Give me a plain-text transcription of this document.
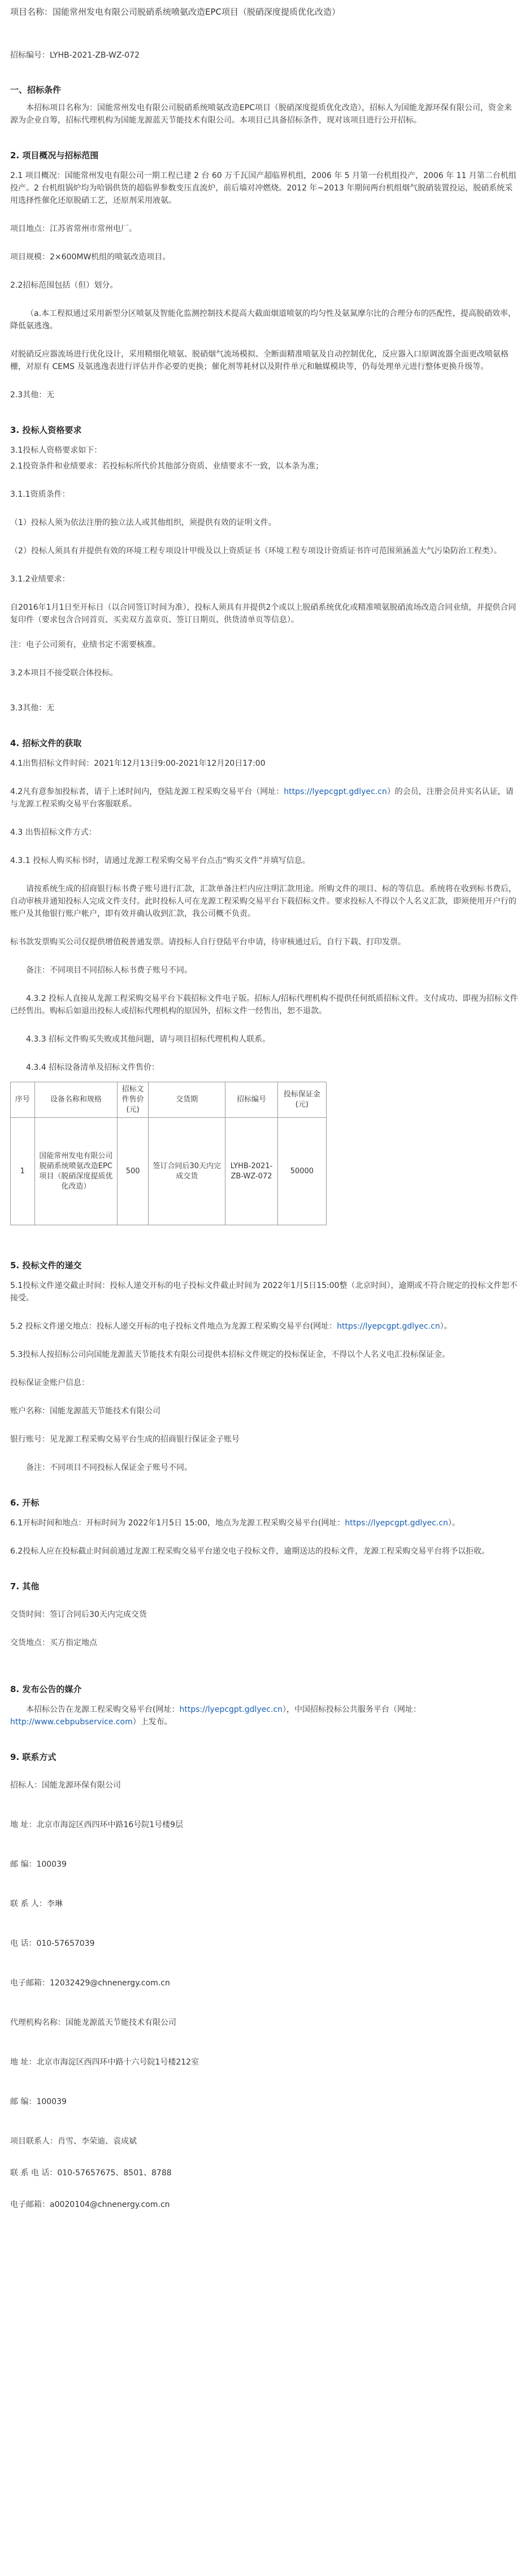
项目名称：国能常州发电有限公司脱硝系统喷氨改造EPC项目（脱硝深度提质优化改造）
招标编号：LYHB-2021-ZB-WZ-072
一、招标条件

本招标项目名称为：国能常州发电有限公司脱硝系统喷氨改造EPC项目（脱硝深度提质优化改造），招标人为国能龙源环保有限公司，资金来源为企业自筹，招标代理机构为国能龙源蓝天节能技术有限公司。本项目已具备招标条件，现对该项目进行公开招标。

2. 项目概况与招标范围

2.1 项目概况：国能常州发电有限公司一期工程已建 2 台 60 万千瓦国产超临界机组，2006 年 5 月第一台机组投产，2006 年 11 月第二台机组投产。2 台机组锅炉均为哈锅供货的超临界参数变压直流炉，前后墙对冲燃烧。2012 年~2013 年期间两台机组烟气脱硝装置投运，脱硝系统采用选择性催化还原脱硝工艺，还原剂采用液氨。

项目地点：江苏省常州市常州电厂。

项目规模：2×600MW机组的喷氨改造项目。

2.2招标范围包括（但）划分。

（a.本工程拟通过采用新型分区喷氨及智能化监测控制技术提高大截面烟道喷氨的均匀性及氨氮摩尔比的合理分布的匹配性，提高脱硝效率，降低氨逃逸。

对脱硝反应器流场进行优化设计，采用精细化喷氨、脱硝烟气流场模拟、全断面精准喷氨及自动控制优化，反应器入口原调流器全面更改喷氨格栅，对原有 CEMS 及氨逃逸表进行评估并作必要的更换；催化剂等耗材以及附件单元和触媒模块等，仍每处理单元进行整体更换升级等。

2.3其他：无

3. 投标人资格要求

3.1投标人资格要求如下：

2.1投资条件和业绩要求：若投标标所代价其他部分资质、业绩要求不一致，以本条为准；

3.1.1资质条件：

（1）投标人须为依法注册的独立法人或其他组织，须提供有效的证明文件。

（2）投标人须具有并提供有效的环境工程专项设计甲级及以上资质证书（环境工程专项设计资质证书许可范围须涵盖大气污染防治工程类）。

3.1.2业绩要求：

自2016年1月1日至开标日（以合同签订时间为准），投标人须具有并提供2个或以上脱硝系统优化或精准喷氨脱硝流场改造合同业绩，并提供合同复印件（要求包含合同首页、买卖双方盖章页、签订日期页、供货清单页等信息）。

注：电子公司须有，业绩书定不需要核准。

3.2本项目不接受联合体投标。

3.3其他：无

4. 招标文件的获取

4.1出售招标文件时间：2021年12月13日9:00-2021年12月20日17:00

4.2凡有意参加投标者，请于上述时间内，登陆龙源工程采购交易平台（网址：https://lyepcgpt.gdlyec.cn）的会员，注册会员并实名认证，请与龙源工程采购交易平台客服联系。

4.3 出售招标文件方式：

4.3.1 投标人购买标书时，请通过龙源工程采购交易平台点击“购买文件”并填写信息。

请按系统生成的招商银行标书费子账号进行汇款，汇款单备注栏内应注明汇款用途。所购文件的项目、标的等信息。系统将在收到标书费后，自动审核并通知投标人完成文件支付。此时投标人可在龙源工程采购交易平台下载招标文件。要求投标人不得以个人名义汇款，即须使用开户行的账户及其他银行账户帐户，即有效并确认收到汇款，我公司概不负责。

标书款发票购买公司仅提供增值税普通发票。请投标人自行登陆平台申请，待审核通过后，自行下载、打印发票。

备注：不同项目不同招标人标书费子账号不同。

4.3.2 投标人直接从龙源工程采购交易平台下载招标文件电子版。招标人/招标代理机构不提供任何纸质招标文件。支付成功、即视为招标文件已经售出。购标后如退出投标人或招标代理机构的原因外，招标文件一经售出，恕不退款。

4.3.3 招标文件购买失败或其他问题，请与项目招标代理机构人联系。

4.3.4 招标设备清单及招标文件售价：

序号	设备名称和规格	招标文件售价(元)	交货期	招标编号	投标保证金(元)
1	国能常州发电有限公司脱硝系统喷氨改造EPC项目（脱硝深度提质优化改造）	500	签订合同后30天内完成交货	LYHB-2021-ZB-WZ-072	50000
5. 投标文件的递交

5.1投标文件递交截止时间：投标人递交开标的电子投标文件截止时间为 2022年1月5日15:00整（北京时间），逾期或不符合规定的投标文件恕不接受。

5.2 投标文件递交地点：投标人递交开标的电子投标文件地点为龙源工程采购交易平台(网址：https://lyepcgpt.gdlyec.cn）。

5.3投标人按招标公司向国能龙源蓝天节能技术有限公司提供本招标文件规定的投标保证金，不得以个人名义电汇投标保证金。

投标保证金账户信息：

账户名称：国能龙源蓝天节能技术有限公司

银行账号：见龙源工程采购交易平台生成的招商银行保证金子账号

备注：不同项目不同投标人保证金子账号不同。

6. 开标

6.1开标时间和地点：开标时间为 2022年1月5日 15:00，地点为龙源工程采购交易平台(网址：https://lyepcgpt.gdlyec.cn）。

6.2投标人应在投标截止时间前通过龙源工程采购交易平台递交电子投标文件，逾期送达的投标文件，龙源工程采购交易平台将予以拒收。

7. 其他

交货时间：签订合同后30天内完成交货

交货地点：买方指定地点

8. 发布公告的媒介

本招标公告在龙源工程采购交易平台(网址：https://lyepcgpt.gdlyec.cn），中国招标投标公共服务平台（网址：http://www.cebpubservice.com）上发布。

9. 联系方式

招标人：国能龙源环保有限公司

地 址：北京市海淀区西四环中路16号院1号楼9层

邮 编：100039

联 系 人：李琳

电 话：010-57657039

电子邮箱：12032429@chnenergy.com.cn

代理机构名称：国能龙源蓝天节能技术有限公司

地 址：北京市海淀区西四环中路十六号院1号楼212室

邮 编：100039

项目联系人：肖雪、李荣迪、袁成斌

联 系 电 话：010-57657675、8501、8788

电子邮箱：a0020104@chnenergy.com.cn
